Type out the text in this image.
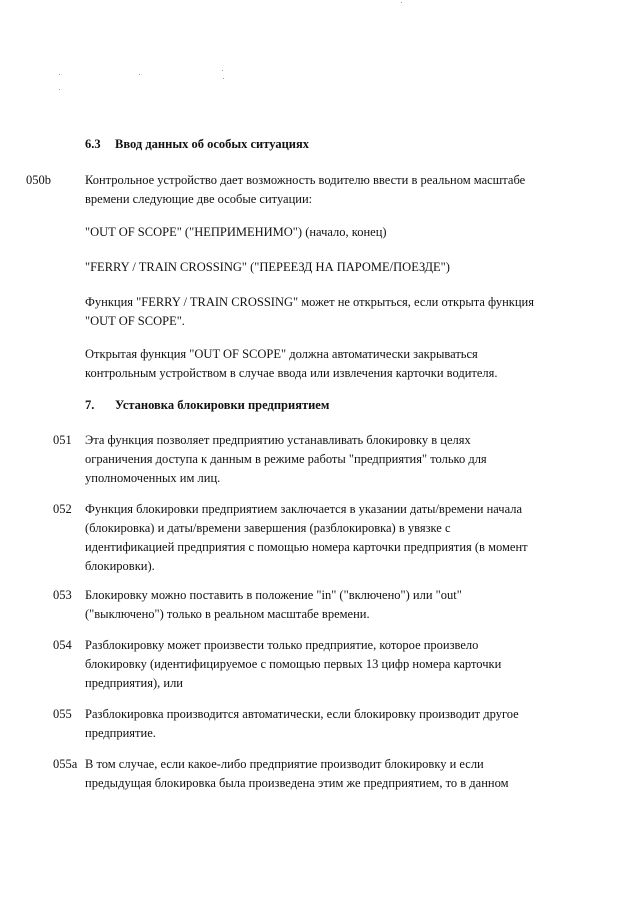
6.3 Ввод данных об особых ситуациях
050b	Контрольное устройство дает возможность водителю ввести в реальном масштабе
времени следующие две особые ситуации:
"OUT OF SCOPE" ("НЕПРИМЕНИМО") (начало, конец)
"FERRY / TRAIN CROSSING" ("ПЕРЕЕЗД НА ПАРОМЕ/ПОЕЗДЕ")
Функция "FERRY / TRAIN CROSSING" может не открыться, если открыта функция
"OUT OF SCOPE".
Открытая функция "OUT OF SCOPE" должна автоматически закрываться
контрольным устройством в случае ввода или извлечения карточки водителя.
7. Установка блокировки предприятием
051 Эта функция позволяет предприятию устанавливать блокировку в целях
ограничения доступа к данным в режиме работы "предприятия" только для
уполномоченных им лиц.
052 Функция блокировки предприятием заключается в указании даты/времени начала
(блокировка) и даты/времени завершения (разблокировка) в увязке с
идентификацией предприятия с помощью номера карточки предприятия (в момент
блокировки).
053 Блокировку можно поставить в положение "in" ("включено") или "out"
("выключено") только в реальном масштабе времени.
054 Разблокировку может произвести только предприятие, которое произвело
блокировку (идентифицируемое с помощью первых 13 цифр номера карточки
предприятия), или
055 Разблокировка производится автоматически, если блокировку производит другое
предприятие.
055a В том случае, если какое-либо предприятие производит блокировку и если
предыдущая блокировка была произведена этим же предприятием, то в данном
